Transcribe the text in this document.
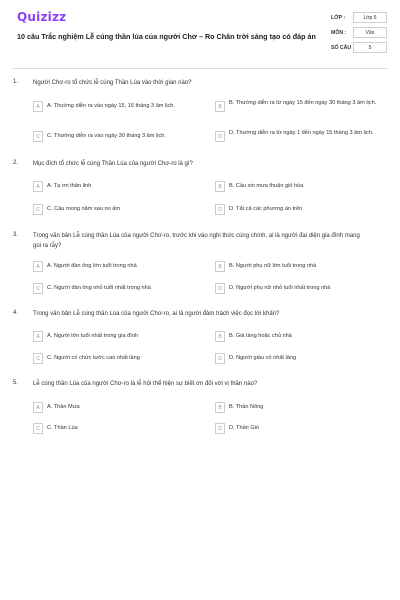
Quizizz
10 câu Trắc nghiệm Lễ cúng thần lúa của người Chơ – Ro Chân trời sáng tạo có đáp án
LỚP :	Lớp 6
MÔN :	Văn
SỐ CÂU :	5
1. Người Chơ-ro tổ chức lễ cúng Thần Lúa vào thời gian nào?
A	A. Thường diễn ra vào ngày 15, 16 tháng 3 âm lịch.	B
B. Thường diễn ra từ ngày 15 đến ngày 30 tháng 3 âm lịch.
C	C. Thường diễn ra vào ngày 30 tháng 3 âm lịch.	D
D. Thường diễn ra từ ngày 1 đến ngày 15 tháng 3 âm lịch.
2. Mục đích tổ chức lễ cúng Thần Lúa của người Chơ-ro là gì?
A	A. Tạ ơn thần linh	B	B. Cầu xin mưa thuận gió hòa
C	C. Cầu mong năm sau no ấm	D	D. Tất cả các phương án trên
3. Trong văn bản Lễ cúng thần Lúa của người Chơ-ro, trước khi vào nghi thức cúng chính, ai là người đại diện gia đình mang gùi ra rẫy?
A	A. Người đàn ông lớn tuổi trong nhà	B	B. Người phụ nữ lớn tuổi trong nhà
C	C. Người đàn ông nhỏ tuổi nhất trong nhà	D	D. Người phụ nữ nhỏ tuổi nhất trong nhà
4. Trong văn bản Lễ cúng thần Lúa của người Chơ-ro, ai là người đảm trách việc đọc lời khấn?
A	A. Người lớn tuổi nhất trong gia đình	B	B. Già làng hoặc chủ nhà
C	C. Người có chức tước cao nhất làng	D	D. Người giàu có nhất làng
5. Lễ cúng thần Lúa của người Chơ-ro là lễ hội thể hiện sự biết ơn đối với vị thần nào?
A	A. Thần Mưa	B	B. Thần Nông
C	C. Thần Lúa	D	D. Thần Gió
